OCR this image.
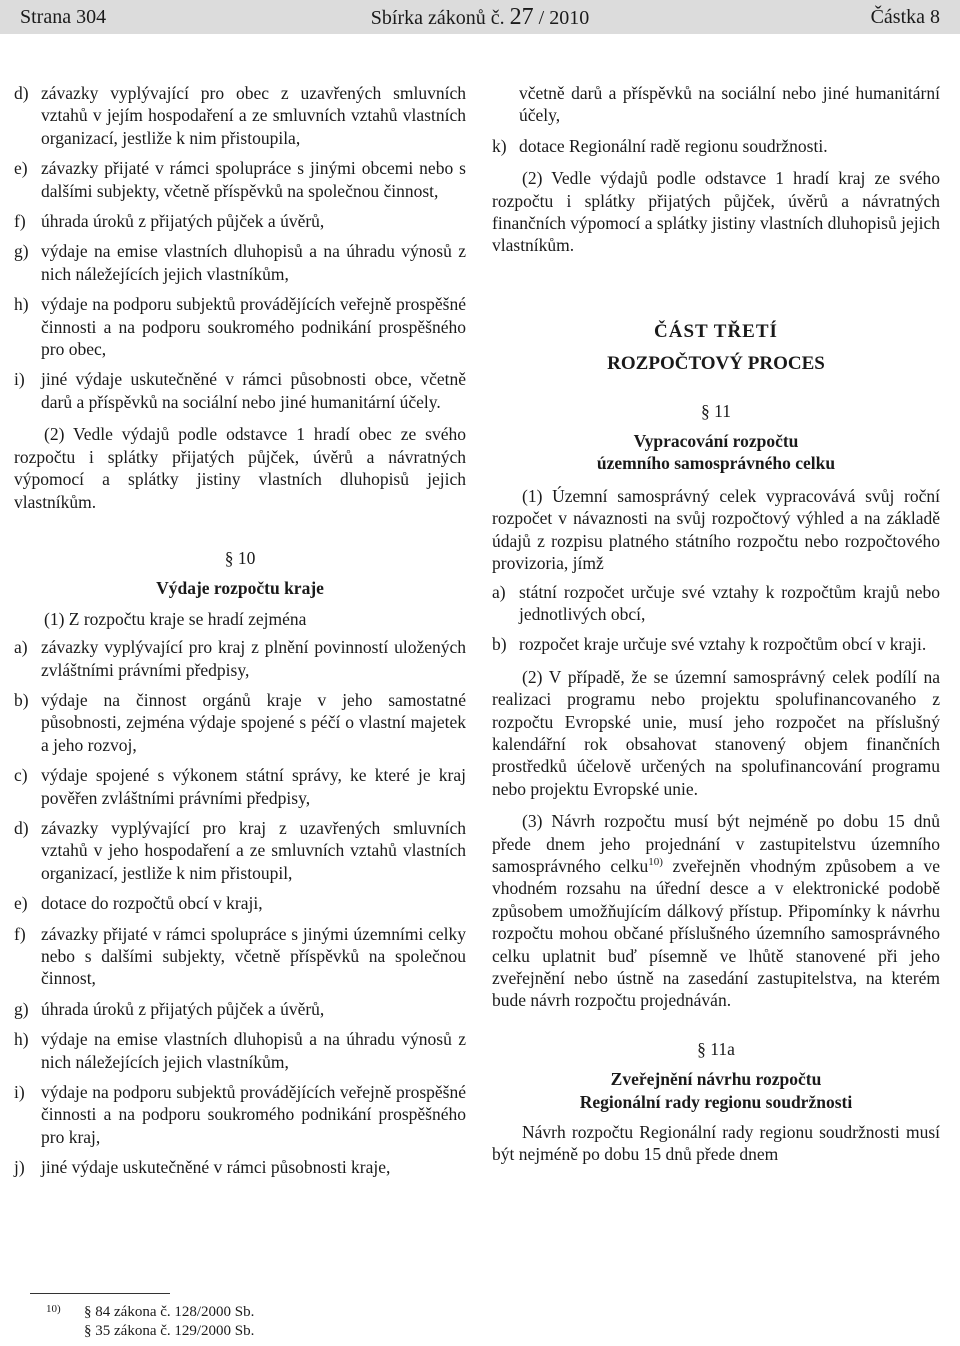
Strana 304	Sbírka zákonů č. 27 / 2010	Částka 8
d) závazky vyplývající pro obec z uzavřených smluvních vztahů v jejím hospodaření a ze smluvních vztahů vlastních organizací, jestliže k nim přistoupila,
e) závazky přijaté v rámci spolupráce s jinými obcemi nebo s dalšími subjekty, včetně příspěvků na společnou činnost,
f) úhrada úroků z přijatých půjček a úvěrů,
g) výdaje na emise vlastních dluhopisů a na úhradu výnosů z nich náležejících jejich vlastníkům,
h) výdaje na podporu subjektů provádějících veřejně prospěšné činnosti a na podporu soukromého podnikání prospěšného pro obec,
i) jiné výdaje uskutečněné v rámci působnosti obce, včetně darů a příspěvků na sociální nebo jiné humanitární účely.

(2) Vedle výdajů podle odstavce 1 hradí obec ze svého rozpočtu i splátky přijatých půjček, úvěrů a návratných výpomocí a splátky jistiny vlastních dluhopisů jejich vlastníkům.

§ 10
Výdaje rozpočtu kraje

(1) Z rozpočtu kraje se hradí zejména

a) závazky vyplývající pro kraj z plnění povinností uložených zvláštními právními předpisy,
b) výdaje na činnost orgánů kraje v jeho samostatné působnosti, zejména výdaje spojené s péčí o vlastní majetek a jeho rozvoj,
c) výdaje spojené s výkonem státní správy, ke které je kraj pověřen zvláštními právními předpisy,
d) závazky vyplývající pro kraj z uzavřených smluvních vztahů v jeho hospodaření a ze smluvních vztahů vlastních organizací, jestliže k nim přistoupil,
e) dotace do rozpočtů obcí v kraji,
f) závazky přijaté v rámci spolupráce s jinými územními celky nebo s dalšími subjekty, včetně příspěvků na společnou činnost,
g) úhrada úroků z přijatých půjček a úvěrů,
h) výdaje na emise vlastních dluhopisů a na úhradu výnosů z nich náležejících jejich vlastníkům,
i) výdaje na podporu subjektů provádějících veřejně prospěšné činnosti a na podporu soukromého podnikání prospěšného pro kraj,
j) jiné výdaje uskutečněné v rámci působnosti kraje,
včetně darů a příspěvků na sociální nebo jiné humanitární účely,
k) dotace Regionální radě regionu soudržnosti.

(2) Vedle výdajů podle odstavce 1 hradí kraj ze svého rozpočtu i splátky přijatých půjček, úvěrů a návratných finančních výpomocí a splátky jistiny vlastních dluhopisů jejich vlastníkům.

ČÁST TŘETÍ
ROZPOČTOVÝ PROCES
§ 11
Vypracování rozpočtu
územního samosprávného celku

(1) Územní samosprávný celek vypracovává svůj roční rozpočet v návaznosti na svůj rozpočtový výhled a na základě údajů z rozpisu platného státního rozpočtu nebo rozpočtového provizoria, jímž

a) státní rozpočet určuje své vztahy k rozpočtům krajů nebo jednotlivých obcí,
b) rozpočet kraje určuje své vztahy k rozpočtům obcí v kraji.

(2) V případě, že se územní samosprávný celek podílí na realizaci programu nebo projektu spolufinancovaného z rozpočtu Evropské unie, musí jeho rozpočet na příslušný kalendářní rok obsahovat stanovený objem finančních prostředků účelově určených na spolufinancování programu nebo projektu Evropské unie.

(3) Návrh rozpočtu musí být nejméně po dobu 15 dnů přede dnem jeho projednání v zastupitelstvu územního samosprávného celku$^{10)}$ zveřejněn vhodným způsobem a ve vhodném rozsahu na úřední desce a v elektronické podobě způsobem umožňujícím dálkový přístup. Připomínky k návrhu rozpočtu mohou občané příslušného územního samosprávného celku uplatnit buď písemně ve lhůtě stanovené při jeho zveřejnění nebo ústně na zasedání zastupitelstva, na kterém bude návrh rozpočtu projednáván.

§ 11a
Zveřejnění návrhu rozpočtu
Regionální rady regionu soudržnosti

Návrh rozpočtu Regionální rady regionu soudržnosti musí být nejméně po dobu 15 dnů přede dnem

10) § 84 zákona č. 128/2000 Sb.
§ 35 zákona č. 129/2000 Sb.
